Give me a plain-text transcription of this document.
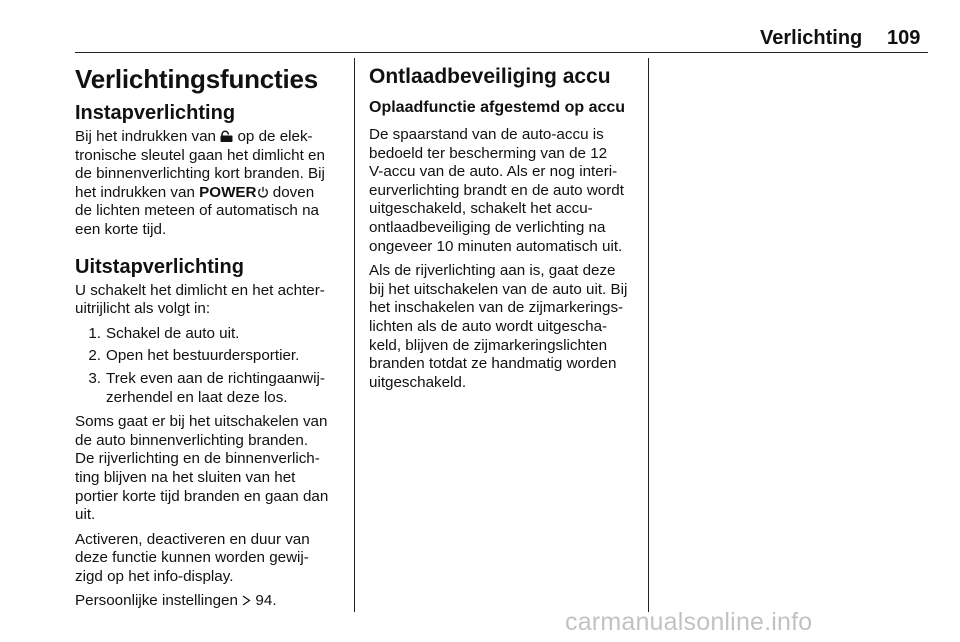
Verlichting 109
Verlichtingsfuncties
Instapverlichting
Bij het indrukken van op de elek-
tronische sleutel gaan het dimlicht en
de binnenverlichting kort branden. Bij
het indrukken van POWER doven
de lichten meteen of automatisch na
een korte tijd.
Uitstapverlichting
U schakelt het dimlicht en het achter-
uitrijlicht als volgt in:
1. Schakel de auto uit.
2. Open het bestuurdersportier.
3. Trek even aan de richtingaanwij-
zerhendel en laat deze los.
Soms gaat er bij het uitschakelen van
de auto binnenverlichting branden.
De rijverlichting en de binnenverlich-
ting blijven na het sluiten van het
portier korte tijd branden en gaan dan
uit.
Activeren, deactiveren en duur van
deze functie kunnen worden gewij-
zigd op het info-display.
Persoonlijke instellingen 94.
Ontlaadbeveiliging accu
Oplaadfunctie afgestemd op accu
De spaarstand van de auto-accu is
bedoeld ter bescherming van de 12
V-accu van de auto. Als er nog interi-
eurverlichting brandt en de auto wordt
uitgeschakeld, schakelt het accu-
ontlaadbeveiliging de verlichting na
ongeveer 10 minuten automatisch uit.
Als de rijverlichting aan is, gaat deze
bij het uitschakelen van de auto uit. Bij
het inschakelen van de zijmarkerings-
lichten als de auto wordt uitgescha-
keld, blijven de zijmarkeringslichten
branden totdat ze handmatig worden
uitgeschakeld.
carmanualsonline.info
